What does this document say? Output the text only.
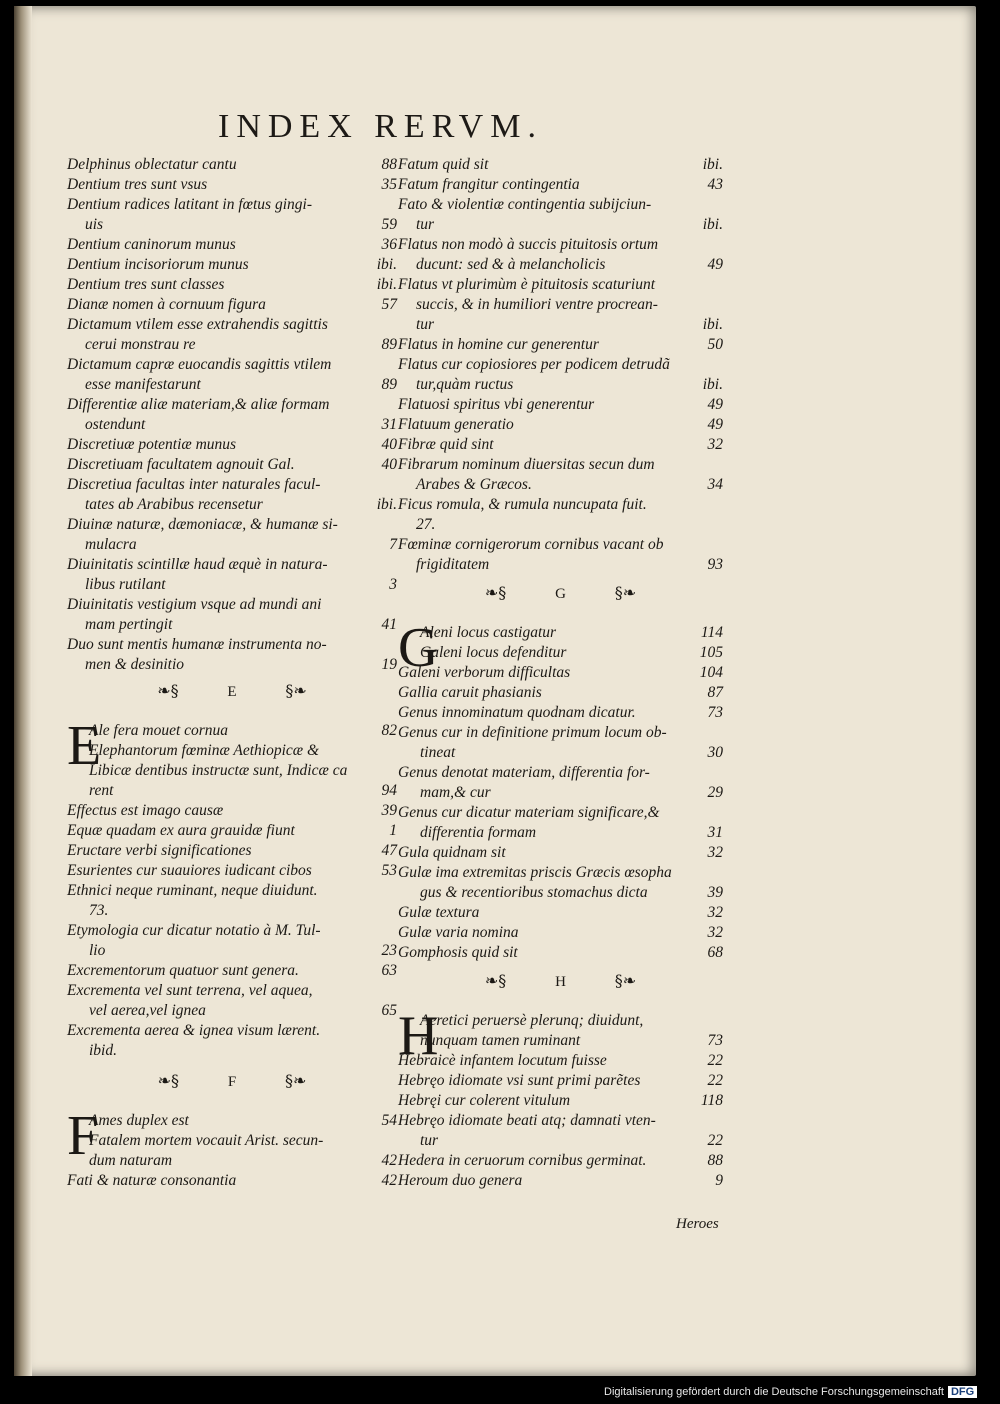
INDEX RERVM.
Delphinus oblectatur cantu	88
Dentium tres sunt vsus	35
Dentium radices latitant in fœtus gingi-
uis	59
Dentium caninorum munus	36
Dentium incisoriorum munus	ibi.
Dentium tres sunt classes	ibi.
Dianæ nomen à cornuum figura	57
Dictamum vtilem esse extrahendis sagittis
cerui monstrau re	89
Dictamum capræ euocandis sagittis vtilem
esse manifestarunt	89
Differentiæ aliæ materiam,& aliæ formam
ostendunt	31
Discretiuæ potentiæ munus	40
Discretiuam facultatem agnouit Gal.	40
Discretiua facultas inter naturales facul-
tates ab Arabibus recensetur	ibi.
Diuinæ naturæ, dæmoniacæ, & humanæ si-
mulacra	7
Diuinitatis scintillæ haud æquè in natura-
libus rutilant	3
Diuinitatis vestigium vsque ad mundi ani
mam pertingit	41
Duo sunt mentis humanæ instrumenta no-
men & desinitio	19
❧§	E	§❧
E
Ale fera mouet cornua	82
Elephantorum fœminæ Aethiopicæ &
Libicæ dentibus instructæ sunt, Indicæ ca
rent	94
Effectus est imago causæ	39
Equæ quadam ex aura grauidæ fiunt	1
Eructare verbi significationes	47
Esurientes cur suauiores iudicant cibos	53
Ethnici neque ruminant, neque diuidunt.
73.
Etymologia cur dicatur notatio à M. Tul-
lio	23
Excrementorum quatuor sunt genera.	63
Excrementa vel sunt terrena, vel aquea,
vel aerea,vel ignea	65
Excrementa aerea & ignea visum lærent.
ibid.
❧§	F	§❧
F
Ames duplex est	54
Fatalem mortem vocauit Arist. secun-
dum naturam	42
Fati & naturæ consonantia	42
Fatum quid sit	ibi.
Fatum frangitur contingentia	43
Fato & violentiæ contingentia subijciun-
tur	ibi.
Flatus non modò à succis pituitosis ortum
ducunt: sed & à melancholicis	49
Flatus vt plurimùm è pituitosis scaturiunt
succis, & in humiliori ventre procrean-
tur	ibi.
Flatus in homine cur generentur	50
Flatus cur copiosiores per podicem detrudã
tur,quàm ructus	ibi.
Flatuosi spiritus vbi generentur	49
Flatuum generatio	49
Fibræ quid sint	32
Fibrarum nominum diuersitas secun dum
Arabes & Græcos.	34
Ficus romula, & rumula nuncupata fuit.
27.
Fœminæ cornigerorum cornibus vacant ob
frigiditatem	93
❧§	G	§❧
G
Aleni locus castigatur	114
Galeni locus defenditur	105
Galeni verborum difficultas	104
Gallia caruit phasianis	87
Genus innominatum quodnam dicatur.	73
Genus cur in definitione primum locum ob-
tineat	30
Genus denotat materiam, differentia for-
mam,& cur	29
Genus cur dicatur materiam significare,&
differentia formam	31
Gula quidnam sit	32
Gulæ ima extremitas priscis Græcis œsopha
gus & recentioribus stomachus dicta	39
Gulæ textura	32
Gulæ varia nomina	32
Gomphosis quid sit	68
❧§	H	§❧
H
Aeretici peruersè plerunq; diuidunt,
nunquam tamen ruminant	73
Hebraicè infantem locutum fuisse	22
Hebręo idiomate vsi sunt primi parẽtes	22
Hebręi cur colerent vitulum	118
Hebręo idiomate beati atq; damnati vten-
tur	22
Hedera in ceruorum cornibus germinat.	88
Heroum duo genera	9
Heroes
Digitalisierung gefördert durch die Deutsche Forschungsgemeinschaft DFG
